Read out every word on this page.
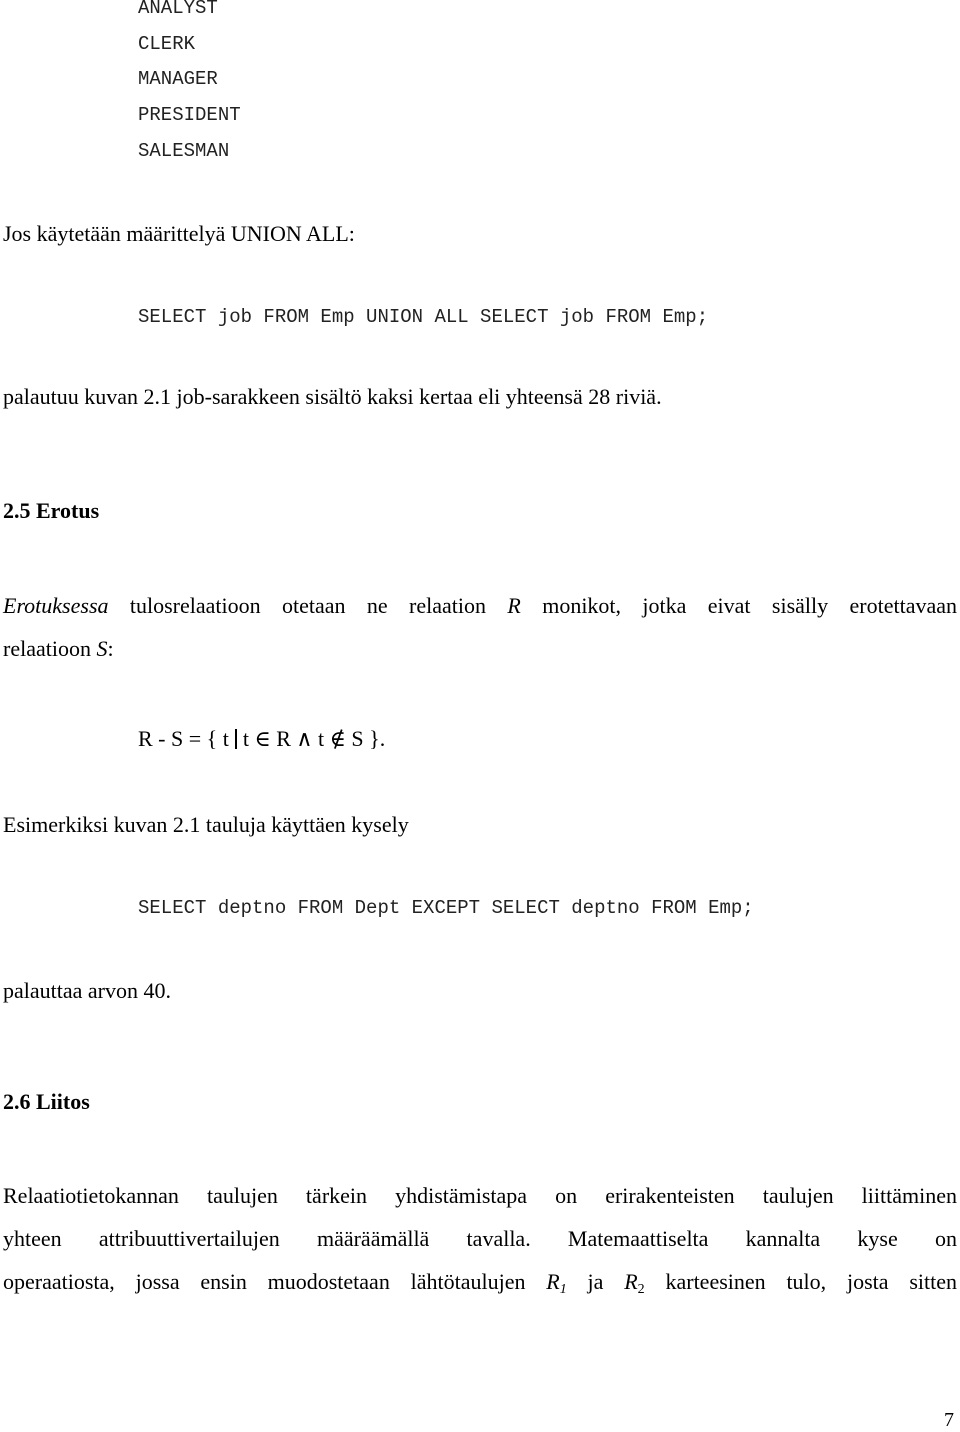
ANALYST
CLERK
MANAGER
PRESIDENT
SALESMAN
Jos käytetään määrittelyä UNION ALL:
SELECT job FROM Emp UNION ALL SELECT job FROM Emp;
palautuu kuvan 2.1 job-sarakkeen sisältö kaksi kertaa eli yhteensä 28 riviä.
2.5 Erotus
Erotuksessa tulosrelaatioon otetaan ne relaation R monikot, jotka eivat sisälly erotettavaan
relaatioon S:
R - S = { t t ∈ R ∧ t ∉ S }.
Esimerkiksi kuvan 2.1 tauluja käyttäen kysely
SELECT deptno FROM Dept EXCEPT SELECT deptno FROM Emp;
palauttaa arvon 40.
2.6 Liitos
Relaatiotietokannan taulujen tärkein yhdistämistapa on erirakenteisten taulujen liittäminen
yhteen attribuuttivertailujen määräämällä tavalla. Matemaattiselta kannalta kyse on
operaatiosta, jossa ensin muodostetaan lähtötaulujen $R_1$ ja $R_2$ karteesinen tulo, josta sitten
7
